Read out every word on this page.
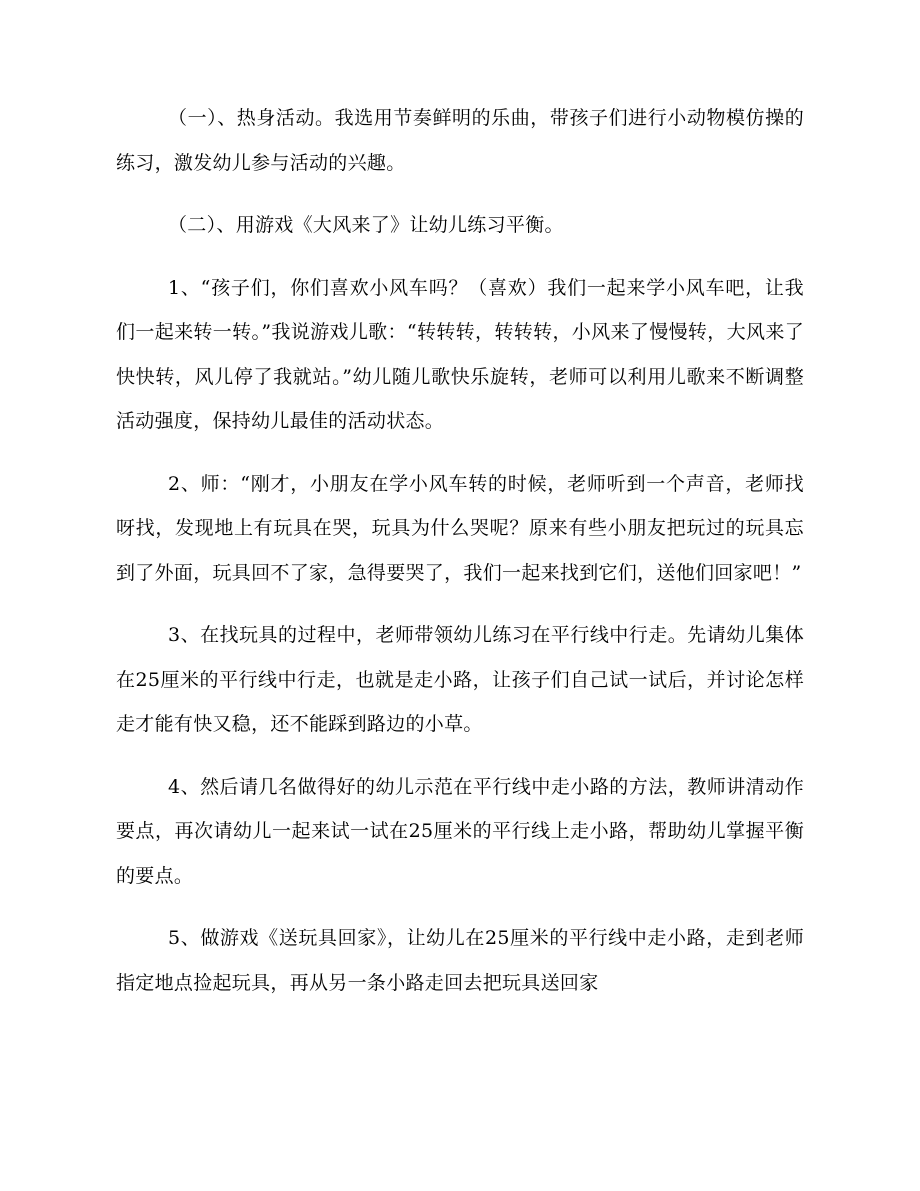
（一）、热身活动。我选用节奏鲜明的乐曲，带孩子们进行小动物模仿操的练习，激发幼儿参与活动的兴趣。

（二）、用游戏《大风来了》让幼儿练习平衡。

1、“孩子们，你们喜欢小风车吗？（喜欢）我们一起来学小风车吧，让我们一起来转一转。”我说游戏儿歌：“转转转，转转转，小风来了慢慢转，大风来了快快转，风儿停了我就站。”幼儿随儿歌快乐旋转，老师可以利用儿歌来不断调整活动强度，保持幼儿最佳的活动状态。

2、师：“刚才，小朋友在学小风车转的时候，老师听到一个声音，老师找呀找，发现地上有玩具在哭，玩具为什么哭呢？原来有些小朋友把玩过的玩具忘到了外面，玩具回不了家，急得要哭了，我们一起来找到它们，送他们回家吧！”

3、在找玩具的过程中，老师带领幼儿练习在平行线中行走。先请幼儿集体在25厘米的平行线中行走，也就是走小路，让孩子们自己试一试后，并讨论怎样走才能有快又稳，还不能踩到路边的小草。

4、然后请几名做得好的幼儿示范在平行线中走小路的方法，教师讲清动作要点，再次请幼儿一起来试一试在25厘米的平行线上走小路，帮助幼儿掌握平衡的要点。

5、做游戏《送玩具回家》，让幼儿在25厘米的平行线中走小路，走到老师指定地点捡起玩具，再从另一条小路走回去把玩具送回家
